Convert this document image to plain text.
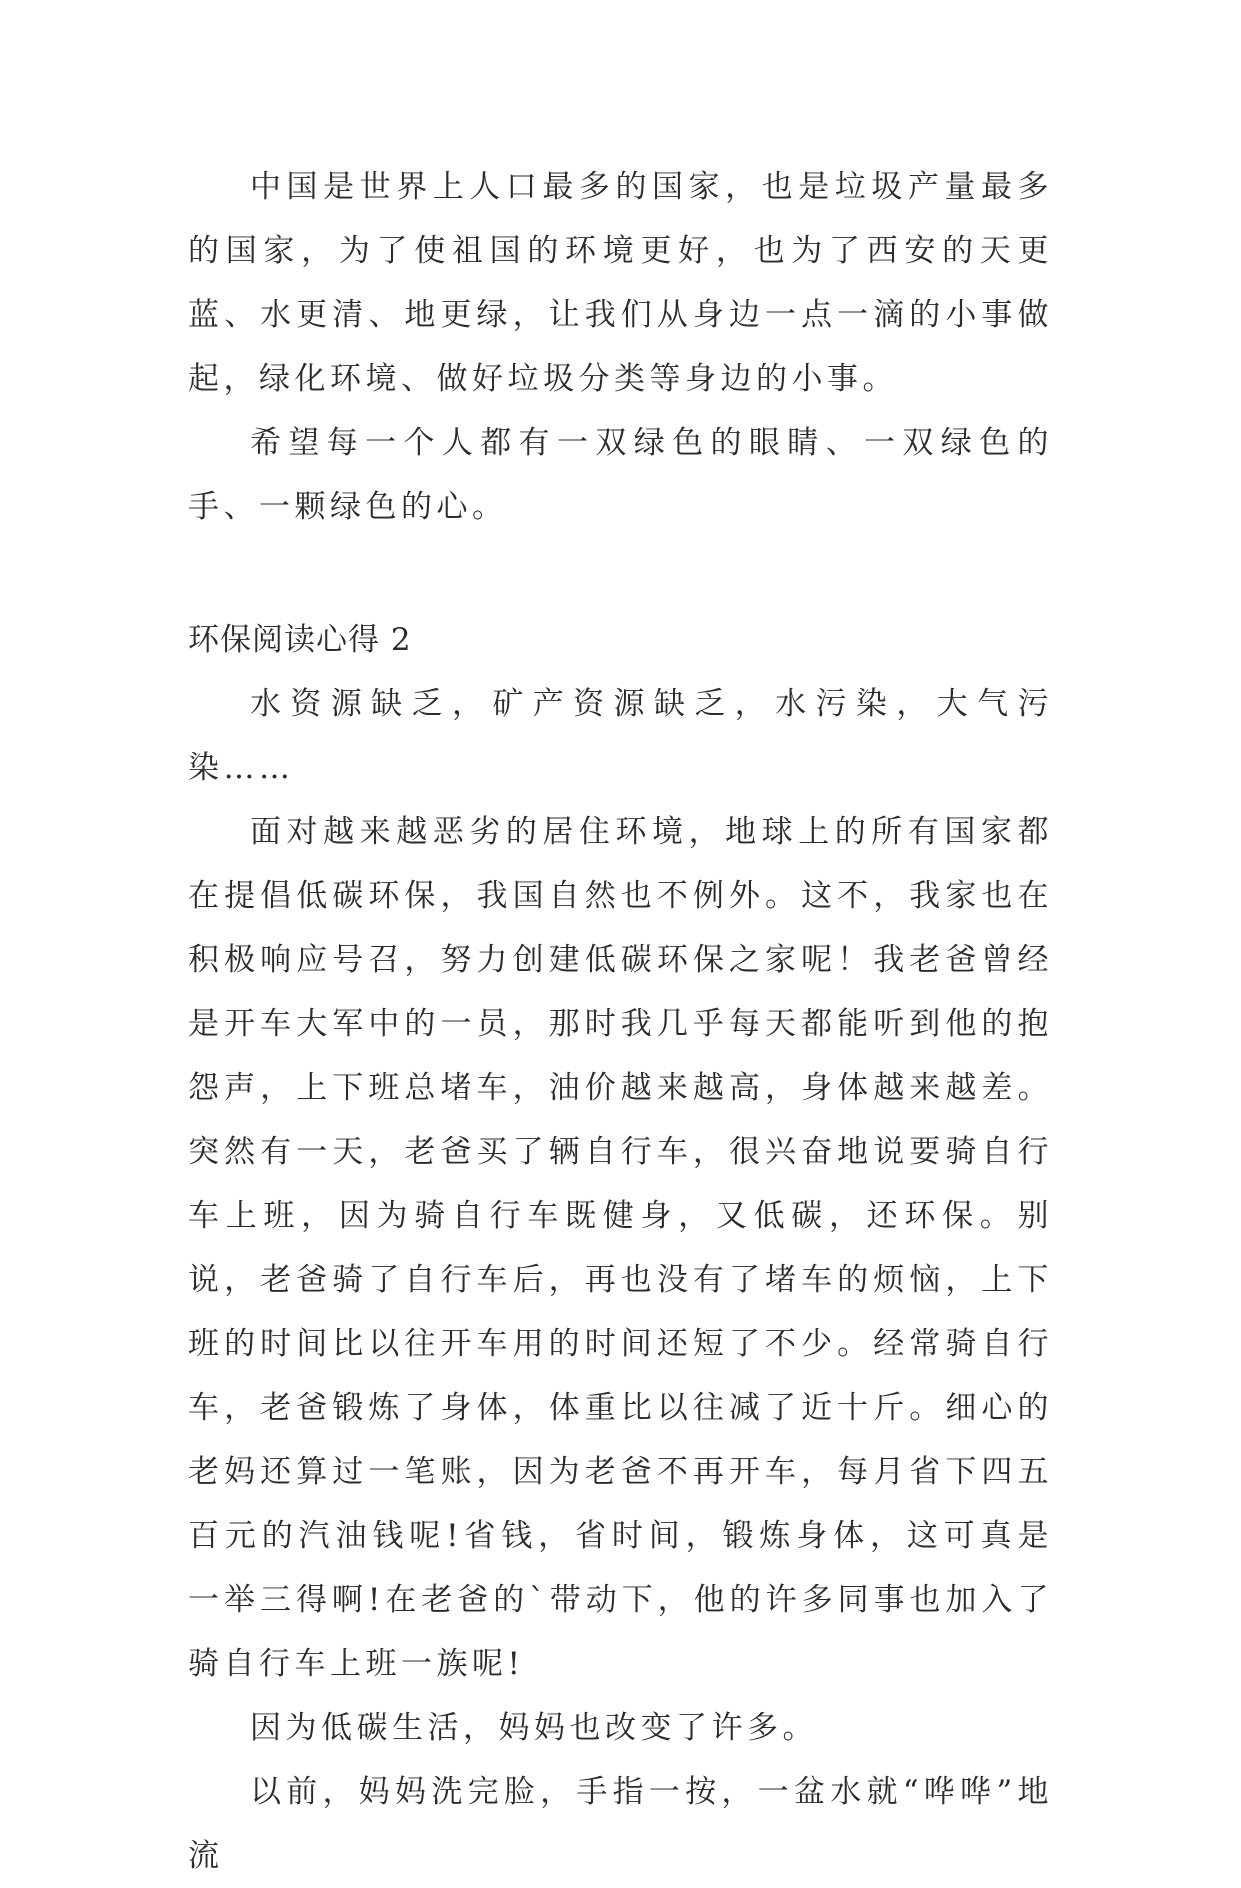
中国是世界上人口最多的国家，也是垃圾产量最多的国家，为了使祖国的环境更好，也为了西安的天更蓝、水更清、地更绿，让我们从身边一点一滴的小事做起，绿化环境、做好垃圾分类等身边的小事。

希望每一个人都有一双绿色的眼睛、一双绿色的手、一颗绿色的心。

环保阅读心得 2

水资源缺乏，矿产资源缺乏，水污染，大气污染……

面对越来越恶劣的居住环境，地球上的所有国家都在提倡低碳环保，我国自然也不例外。这不，我家也在积极响应号召，努力创建低碳环保之家呢！我老爸曾经是开车大军中的一员，那时我几乎每天都能听到他的抱怨声，上下班总堵车，油价越来越高，身体越来越差。突然有一天，老爸买了辆自行车，很兴奋地说要骑自行车上班，因为骑自行车既健身，又低碳，还环保。别说，老爸骑了自行车后，再也没有了堵车的烦恼，上下班的时间比以往开车用的时间还短了不少。经常骑自行车，老爸锻炼了身体，体重比以往减了近十斤。细心的老妈还算过一笔账，因为老爸不再开车，每月省下四五百元的汽油钱呢!省钱，省时间，锻炼身体，这可真是一举三得啊!在老爸的`带动下，他的许多同事也加入了骑自行车上班一族呢!

因为低碳生活，妈妈也改变了许多。

以前，妈妈洗完脸，手指一按，一盆水就“哗哗”地流
